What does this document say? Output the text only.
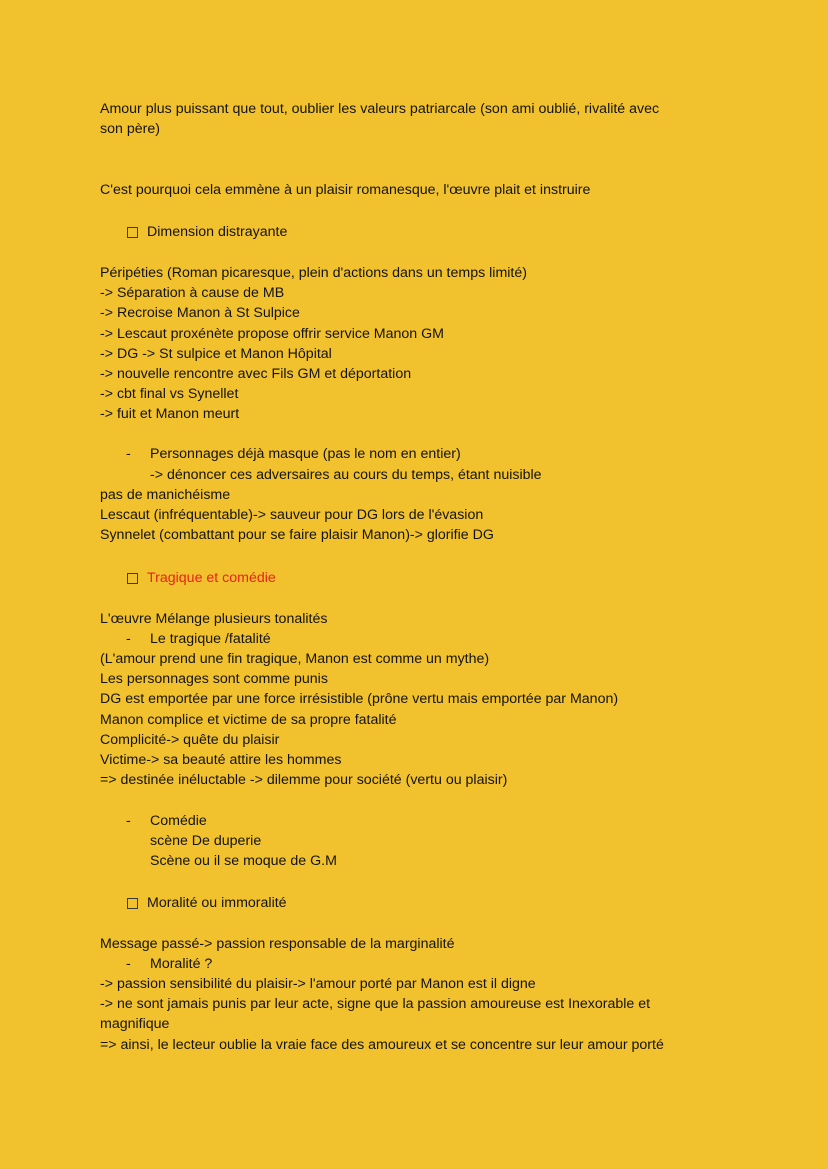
Amour plus puissant que tout, oublier les valeurs patriarcale (son ami oublié, rivalité avec
son père)
C'est pourquoi cela emmène à un plaisir romanesque, l'œuvre plait et instruire
Dimension distrayante
Péripéties (Roman picaresque, plein d'actions dans un temps limité)
-> Séparation à cause de MB
-> Recroise Manon à St Sulpice
-> Lescaut proxénète propose offrir service Manon GM
-> DG -> St sulpice et Manon Hôpital
-> nouvelle rencontre avec Fils GM et déportation
-> cbt final vs Synellet
-> fuit et Manon meurt
- Personnages déjà masque (pas le nom en entier)
-> dénoncer ces adversaires au cours du temps, étant nuisible
pas de manichéisme
Lescaut (infréquentable)-> sauveur pour DG lors de l'évasion
Synnelet (combattant pour se faire plaisir Manon)-> glorifie DG
Tragique et comédie
L'œuvre Mélange plusieurs tonalités
- Le tragique /fatalité
(L'amour prend une fin tragique, Manon est comme un mythe)
Les personnages sont comme punis
DG est emportée par une force irrésistible (prône vertu mais emportée par Manon)
Manon complice et victime de sa propre fatalité
Complicité-> quête du plaisir
Victime-> sa beauté attire les hommes
=> destinée inéluctable -> dilemme pour société (vertu ou plaisir)
- Comédie
scène De duperie
Scène ou il se moque de G.M
Moralité ou immoralité
Message passé-> passion responsable de la marginalité
- Moralité ?
-> passion sensibilité du plaisir-> l'amour porté par Manon est il digne
-> ne sont jamais punis par leur acte, signe que la passion amoureuse est Inexorable et
magnifique
=> ainsi, le lecteur oublie la vraie face des amoureux et se concentre sur leur amour porté
